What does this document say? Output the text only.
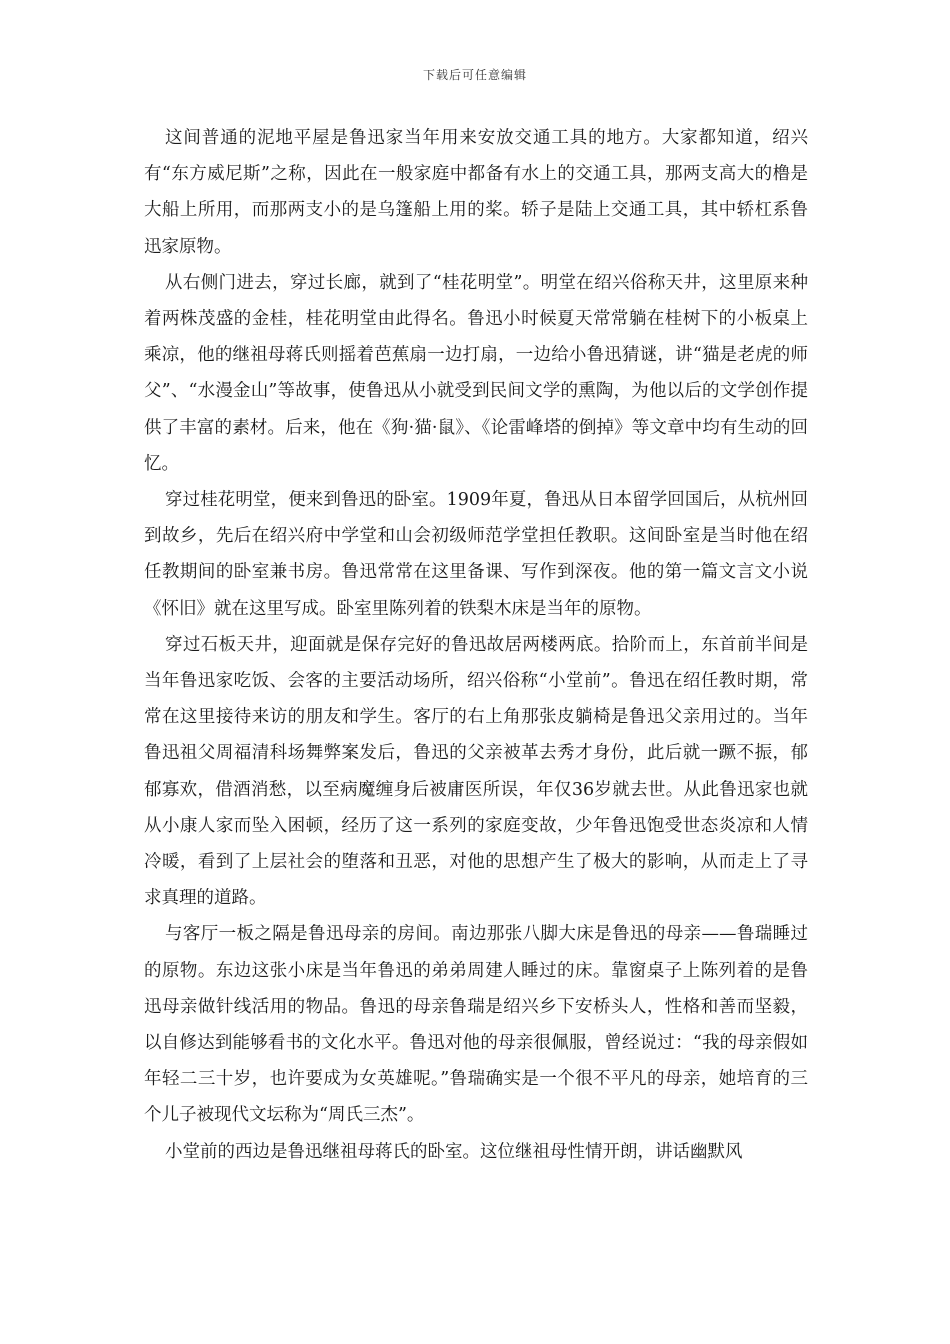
下载后可任意编辑

这间普通的泥地平屋是鲁迅家当年用来安放交通工具的地方。大家都知道，绍兴有“东方威尼斯”之称，因此在一般家庭中都备有水上的交通工具，那两支高大的橹是大船上所用，而那两支小的是乌篷船上用的桨。轿子是陆上交通工具，其中轿杠系鲁迅家原物。

从右侧门进去，穿过长廊，就到了“桂花明堂”。明堂在绍兴俗称天井，这里原来种着两株茂盛的金桂，桂花明堂由此得名。鲁迅小时候夏天常常躺在桂树下的小板桌上乘凉，他的继祖母蒋氏则摇着芭蕉扇一边打扇，一边给小鲁迅猜谜，讲“猫是老虎的师父”、“水漫金山”等故事，使鲁迅从小就受到民间文学的熏陶，为他以后的文学创作提供了丰富的素材。后来，他在《狗·猫·鼠》、《论雷峰塔的倒掉》等文章中均有生动的回忆。

穿过桂花明堂，便来到鲁迅的卧室。1909年夏，鲁迅从日本留学回国后，从杭州回到故乡，先后在绍兴府中学堂和山会初级师范学堂担任教职。这间卧室是当时他在绍任教期间的卧室兼书房。鲁迅常常在这里备课、写作到深夜。他的第一篇文言文小说《怀旧》就在这里写成。卧室里陈列着的铁梨木床是当年的原物。

穿过石板天井，迎面就是保存完好的鲁迅故居两楼两底。拾阶而上，东首前半间是当年鲁迅家吃饭、会客的主要活动场所，绍兴俗称“小堂前”。鲁迅在绍任教时期，常常在这里接待来访的朋友和学生。客厅的右上角那张皮躺椅是鲁迅父亲用过的。当年鲁迅祖父周福清科场舞弊案发后，鲁迅的父亲被革去秀才身份，此后就一蹶不振，郁郁寡欢，借酒消愁，以至病魔缠身后被庸医所误，年仅36岁就去世。从此鲁迅家也就从小康人家而坠入困顿，经历了这一系列的家庭变故，少年鲁迅饱受世态炎凉和人情冷暖，看到了上层社会的堕落和丑恶，对他的思想产生了极大的影响，从而走上了寻求真理的道路。

与客厅一板之隔是鲁迅母亲的房间。南边那张八脚大床是鲁迅的母亲——鲁瑞睡过的原物。东边这张小床是当年鲁迅的弟弟周建人睡过的床。靠窗桌子上陈列着的是鲁迅母亲做针线活用的物品。鲁迅的母亲鲁瑞是绍兴乡下安桥头人，性格和善而坚毅，以自修达到能够看书的文化水平。鲁迅对他的母亲很佩服，曾经说过：“我的母亲假如年轻二三十岁，也许要成为女英雄呢。”鲁瑞确实是一个很不平凡的母亲，她培育的三个儿子被现代文坛称为“周氏三杰”。

小堂前的西边是鲁迅继祖母蒋氏的卧室。这位继祖母性情开朗，讲话幽默风
